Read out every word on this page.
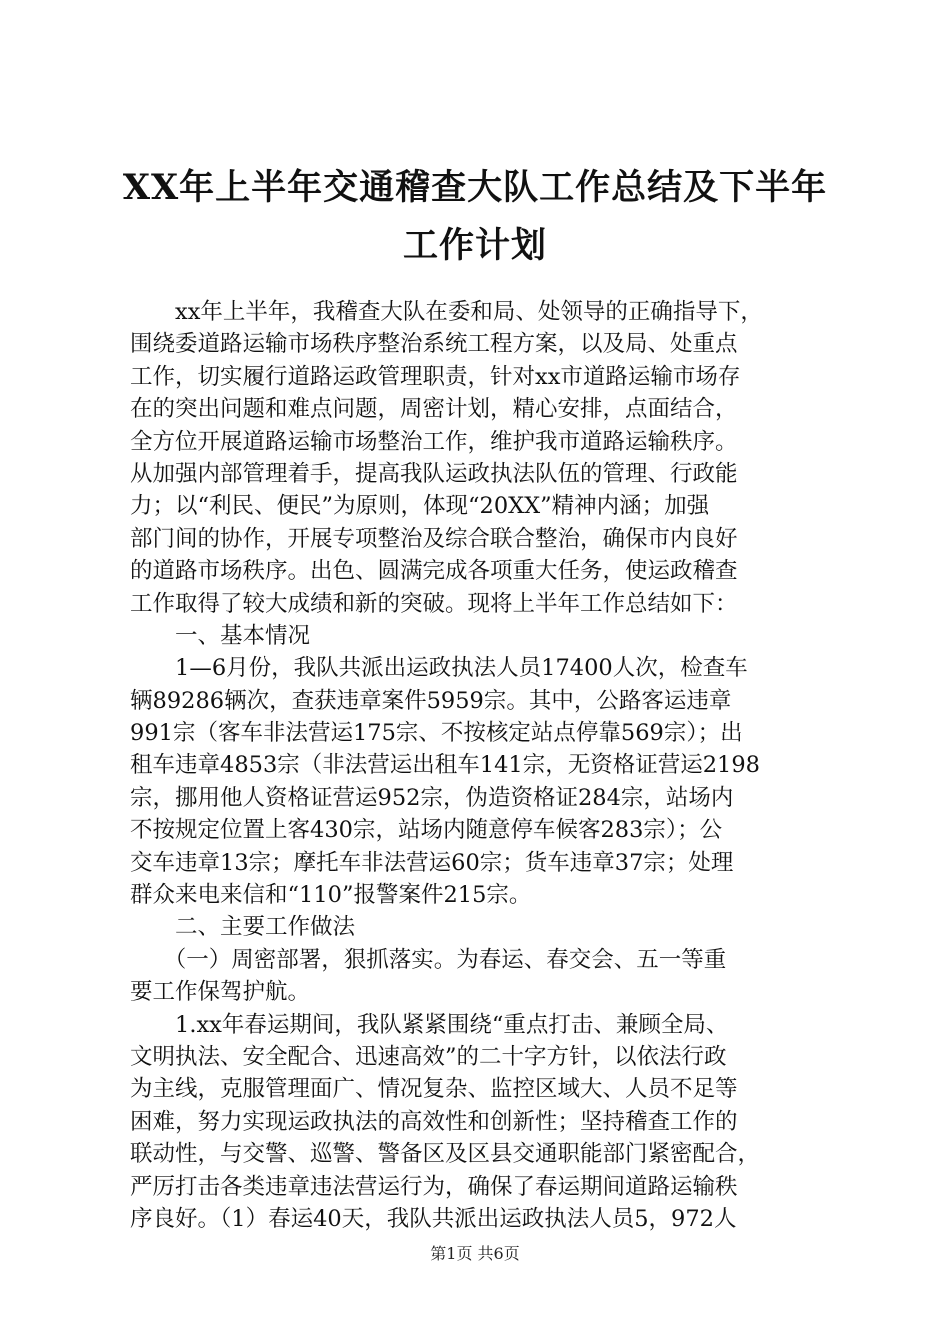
XX年上半年交通稽查大队工作总结及下半年
工作计划
　　xx年上半年，我稽查大队在委和局、处领导的正确指导下，
围绕委道路运输市场秩序整治系统工程方案，以及局、处重点
工作，切实履行道路运政管理职责，针对xx市道路运输市场存
在的突出问题和难点问题，周密计划，精心安排，点面结合，
全方位开展道路运输市场整治工作，维护我市道路运输秩序。
从加强内部管理着手，提高我队运政执法队伍的管理、行政能
力；以“利民、便民”为原则，体现“20XX”精神内涵；加强
部门间的协作，开展专项整治及综合联合整治，确保市内良好
的道路市场秩序。出色、圆满完成各项重大任务，使运政稽查
工作取得了较大成绩和新的突破。现将上半年工作总结如下：
　　一、基本情况
　　1—6月份，我队共派出运政执法人员17400人次，检查车
辆89286辆次，查获违章案件5959宗。其中，公路客运违章
991宗（客车非法营运175宗、不按核定站点停靠569宗）；出
租车违章4853宗（非法营运出租车141宗，无资格证营运2198
宗，挪用他人资格证营运952宗，伪造资格证284宗，站场内
不按规定位置上客430宗，站场内随意停车候客283宗）；公
交车违章13宗；摩托车非法营运60宗；货车违章37宗；处理
群众来电来信和“110”报警案件215宗。
　　二、主要工作做法
　　（一）周密部署，狠抓落实。为春运、春交会、五一等重
要工作保驾护航。
　　1.xx年春运期间，我队紧紧围绕“重点打击、兼顾全局、
文明执法、安全配合、迅速高效”的二十字方针，以依法行政
为主线，克服管理面广、情况复杂、监控区域大、人员不足等
困难，努力实现运政执法的高效性和创新性；坚持稽查工作的
联动性，与交警、巡警、警备区及区县交通职能部门紧密配合，
严厉打击各类违章违法营运行为，确保了春运期间道路运输秩
序良好。（1）春运40天，我队共派出运政执法人员5，972人
第1页 共6页
